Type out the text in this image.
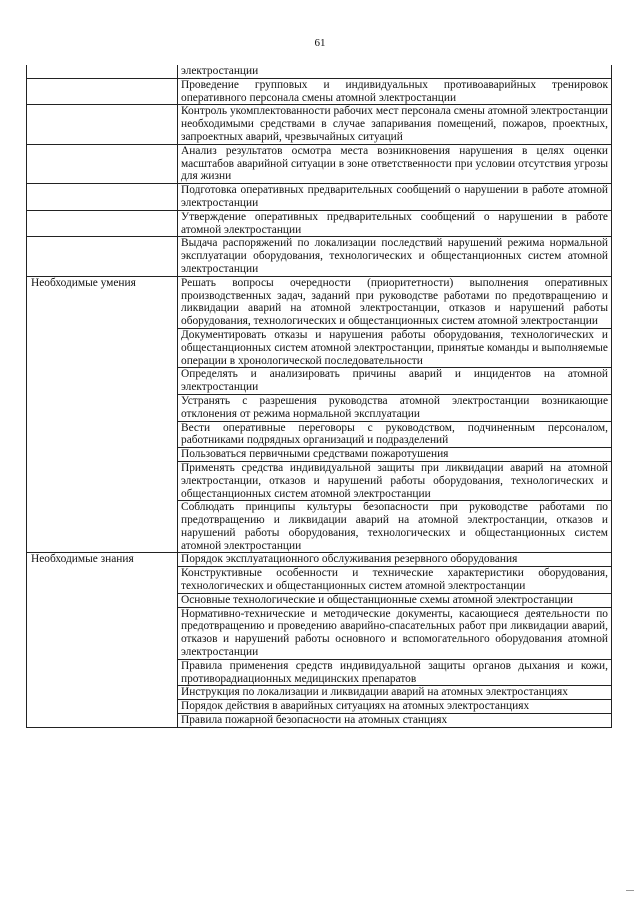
61
	электростанции
	Проведение групповых и индивидуальных противоаварийных тренировок оперативного персонала смены атомной электростанции
	Контроль укомплектованности рабочих мест персонала смены атомной электростанции необходимыми средствами в случае запаривания помещений, пожаров, проектных, запроектных аварий, чрезвычайных ситуаций
	Анализ результатов осмотра места возникновения нарушения в целях оценки масштабов аварийной ситуации в зоне ответственности при условии отсутствия угрозы для жизни
	Подготовка оперативных предварительных сообщений о нарушении в работе атомной электростанции
	Утверждение оперативных предварительных сообщений о нарушении в работе атомной электростанции
	Выдача распоряжений по локализации последствий нарушений режима нормальной эксплуатации оборудования, технологических и общестанционных систем атомной электростанции
Необходимые умения	Решать вопросы очередности (приоритетности) выполнения оперативных производственных задач, заданий при руководстве работами по предотвращению и ликвидации аварий на атомной электростанции, отказов и нарушений работы оборудования, технологических и общестанционных систем атомной электростанции
	Документировать отказы и нарушения работы оборудования, технологических и общестанционных систем атомной электростанции, принятые команды и выполняемые операции в хронологической последовательности
	Определять и анализировать причины аварий и инцидентов на атомной электростанции
	Устранять с разрешения руководства атомной электростанции возникающие отклонения от режима нормальной эксплуатации
	Вести оперативные переговоры с руководством, подчиненным персоналом, работниками подрядных организаций и подразделений
	Пользоваться первичными средствами пожаротушения
	Применять средства индивидуальной защиты при ликвидации аварий на атомной электростанции, отказов и нарушений работы оборудования, технологических и общестанционных систем атомной электростанции
	Соблюдать принципы культуры безопасности при руководстве работами по предотвращению и ликвидации аварий на атомной электростанции, отказов и нарушений работы оборудования, технологических и общестанционных систем атомной электростанции
Необходимые знания	Порядок эксплуатационного обслуживания резервного оборудования
	Конструктивные особенности и технические характеристики оборудования, технологических и общестанционных систем атомной электростанции
	Основные технологические и общестанционные схемы атомной электростанции
	Нормативно-технические и методические документы, касающиеся деятельности по предотвращению и проведению аварийно-спасательных работ при ликвидации аварий, отказов и нарушений работы основного и вспомогательного оборудования атомной электростанции
	Правила применения средств индивидуальной защиты органов дыхания и кожи, противорадиационных медицинских препаратов
	Инструкция по локализации и ликвидации аварий на атомных электростанциях
	Порядок действия в аварийных ситуациях на атомных электростанциях
	Правила пожарной безопасности на атомных станциях
